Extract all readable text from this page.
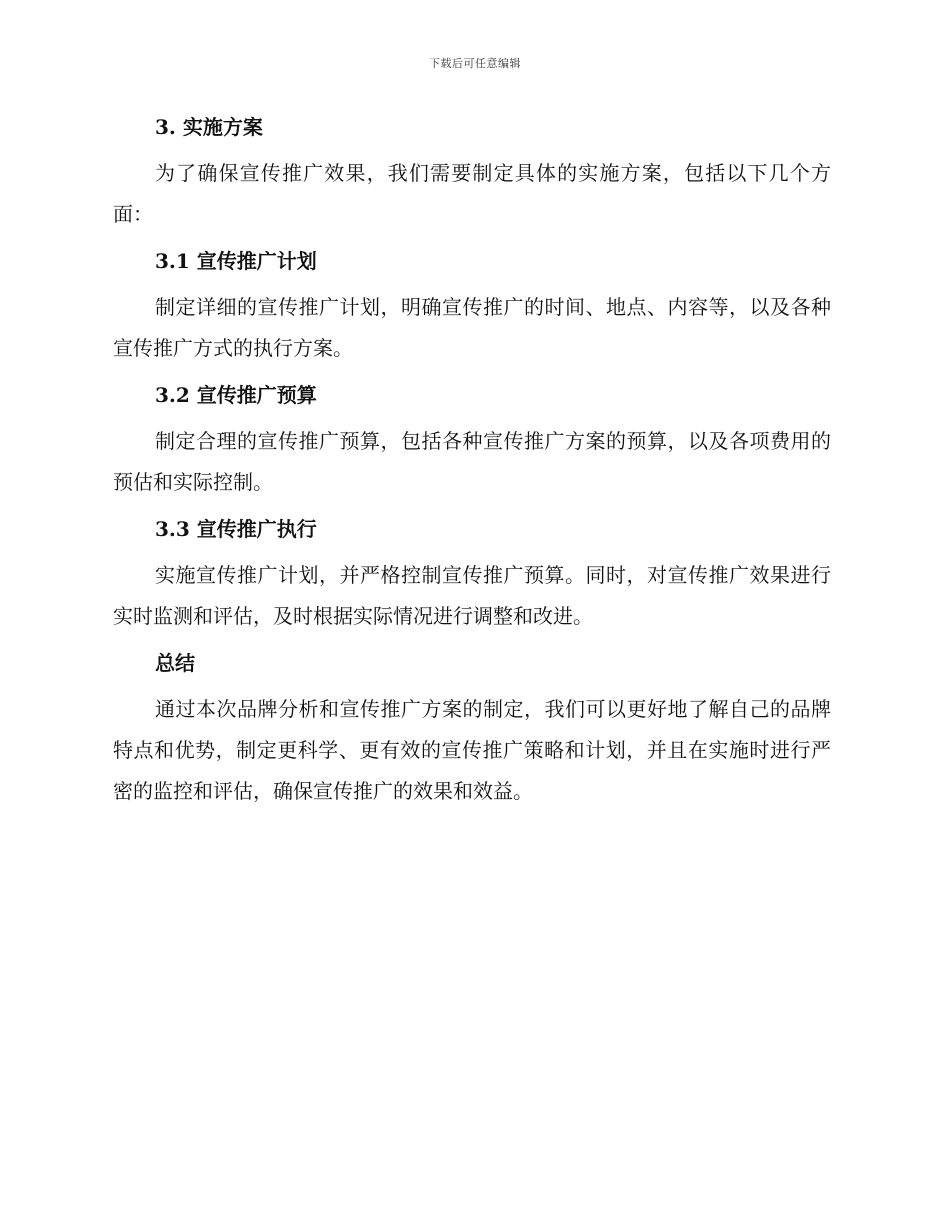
下载后可任意编辑
3. 实施方案

为了确保宣传推广效果，我们需要制定具体的实施方案，包括以下几个方面：

3.1 宣传推广计划

制定详细的宣传推广计划，明确宣传推广的时间、地点、内容等，以及各种宣传推广方式的执行方案。

3.2 宣传推广预算

制定合理的宣传推广预算，包括各种宣传推广方案的预算，以及各项费用的预估和实际控制。

3.3 宣传推广执行

实施宣传推广计划，并严格控制宣传推广预算。同时，对宣传推广效果进行实时监测和评估，及时根据实际情况进行调整和改进。

总结

通过本次品牌分析和宣传推广方案的制定，我们可以更好地了解自己的品牌特点和优势，制定更科学、更有效的宣传推广策略和计划，并且在实施时进行严密的监控和评估，确保宣传推广的效果和效益。
